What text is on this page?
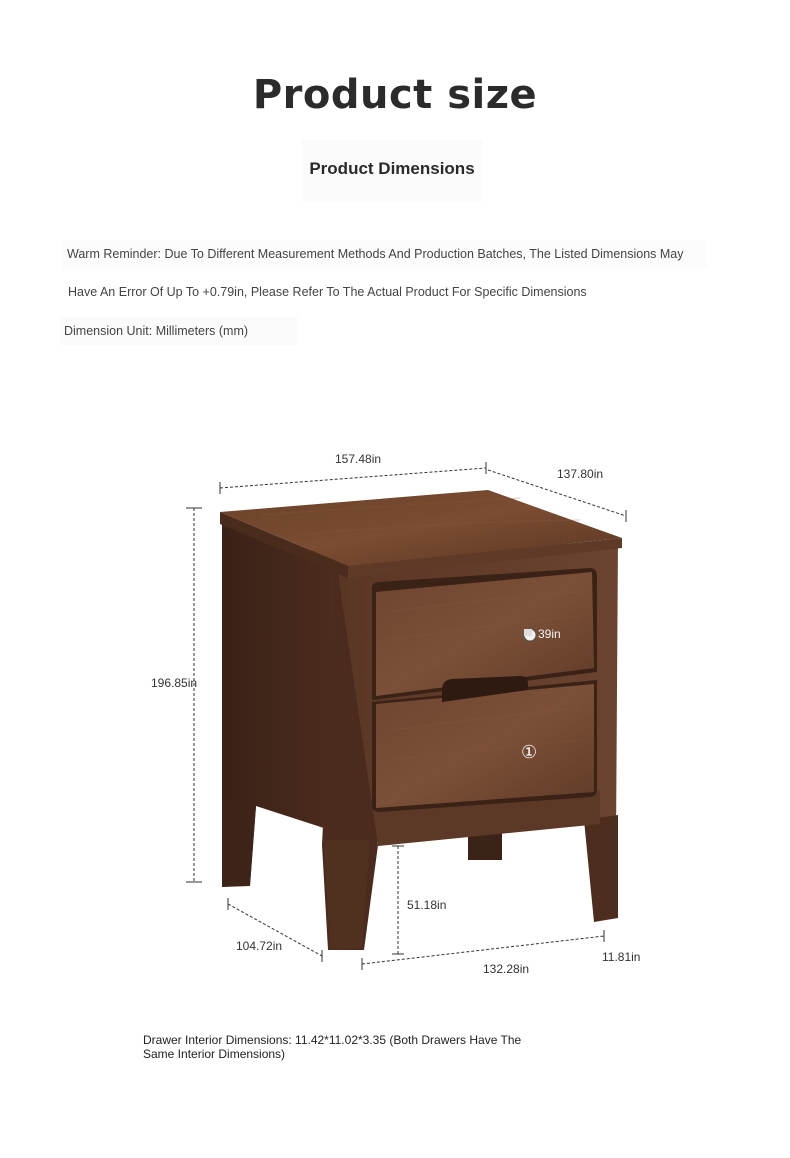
Product size
Product Dimensions
Warm Reminder: Due To Different Measurement Methods And Production Batches, The Listed Dimensions May
Have An Error Of Up To +0.79in, Please Refer To The Actual Product For Specific Dimensions
Dimension Unit: Millimeters (mm)
157.48in
137.80in
196.85in
39in
①
51.18in
104.72in
132.28in
11.81in
Drawer Interior Dimensions: 11.42*11.02*3.35 (Both Drawers Have The Same Interior Dimensions)
